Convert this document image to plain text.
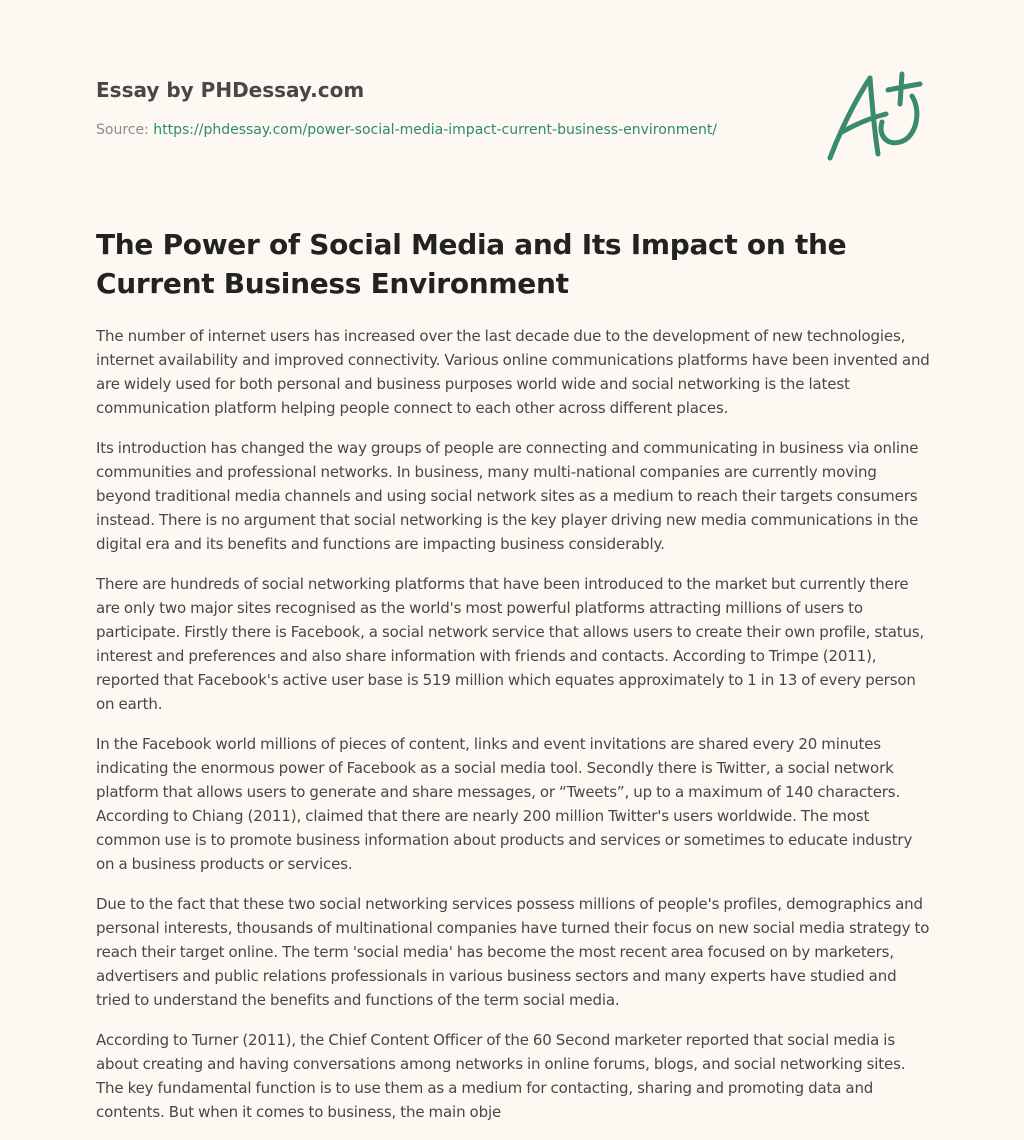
Essay by PHDessay.com
Source: https://phdessay.com/power-social-media-impact-current-business-environment/
The Power of Social Media and Its Impact on the Current Business Environment

The number of internet users has increased over the last decade due to the development of new technologies, internet availability and improved connectivity. Various online communications platforms have been invented and are widely used for both personal and business purposes world wide and social networking is the latest communication platform helping people connect to each other across different places.

Its introduction has changed the way groups of people are connecting and communicating in business via online communities and professional networks. In business, many multi-national companies are currently moving beyond traditional media channels and using social network sites as a medium to reach their targets consumers instead. There is no argument that social networking is the key player driving new media communications in the digital era and its benefits and functions are impacting business considerably.

There are hundreds of social networking platforms that have been introduced to the market but currently there are only two major sites recognised as the world's most powerful platforms attracting millions of users to participate. Firstly there is Facebook, a social network service that allows users to create their own profile, status, interest and preferences and also share information with friends and contacts. According to Trimpe (2011), reported that Facebook's active user base is 519 million which equates approximately to 1 in 13 of every person on earth.

In the Facebook world millions of pieces of content, links and event invitations are shared every 20 minutes indicating the enormous power of Facebook as a social media tool. Secondly there is Twitter, a social network platform that allows users to generate and share messages, or “Tweets”, up to a maximum of 140 characters. According to Chiang (2011), claimed that there are nearly 200 million Twitter's users worldwide. The most common use is to promote business information about products and services or sometimes to educate industry on a business products or services.

Due to the fact that these two social networking services possess millions of people's profiles, demographics and personal interests, thousands of multinational companies have turned their focus on new social media strategy to reach their target online. The term 'social media' has become the most recent area focused on by marketers, advertisers and public relations professionals in various business sectors and many experts have studied and tried to understand the benefits and functions of the term social media.

According to Turner (2011), the Chief Content Officer of the 60 Second marketer reported that social media is about creating and having conversations among networks in online forums, blogs, and social networking sites. The key fundamental function is to use them as a medium for contacting, sharing and promoting data and contents. But when it comes to business, the main obje
